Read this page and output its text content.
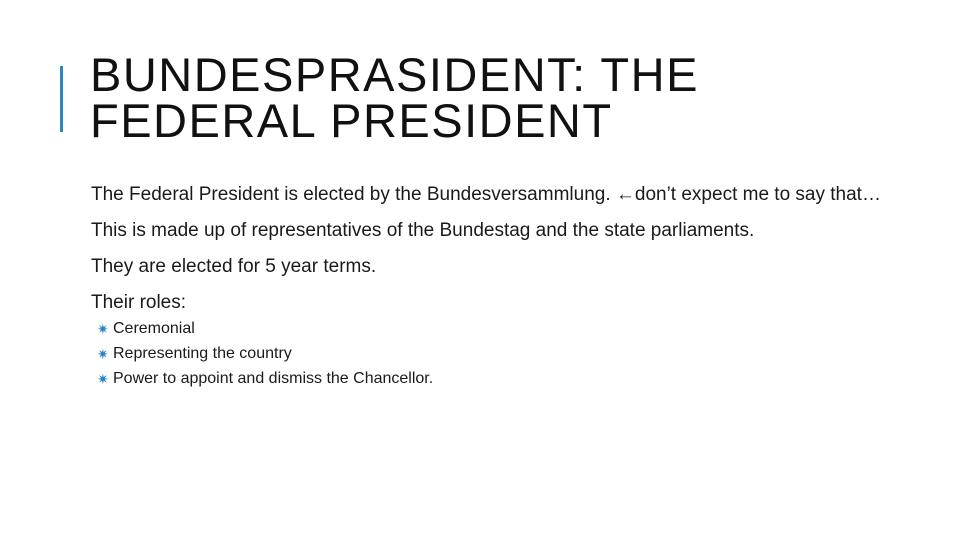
BUNDESPRASIDENT: THE FEDERAL PRESIDENT

The Federal President is elected by the Bundesversammlung. ←don’t expect me to say that…

This is made up of representatives of the Bundestag and the state parliaments.

They are elected for 5 year terms.

Their roles:

✷ Ceremonial
✷ Representing the country
✷ Power to appoint and dismiss the Chancellor.
